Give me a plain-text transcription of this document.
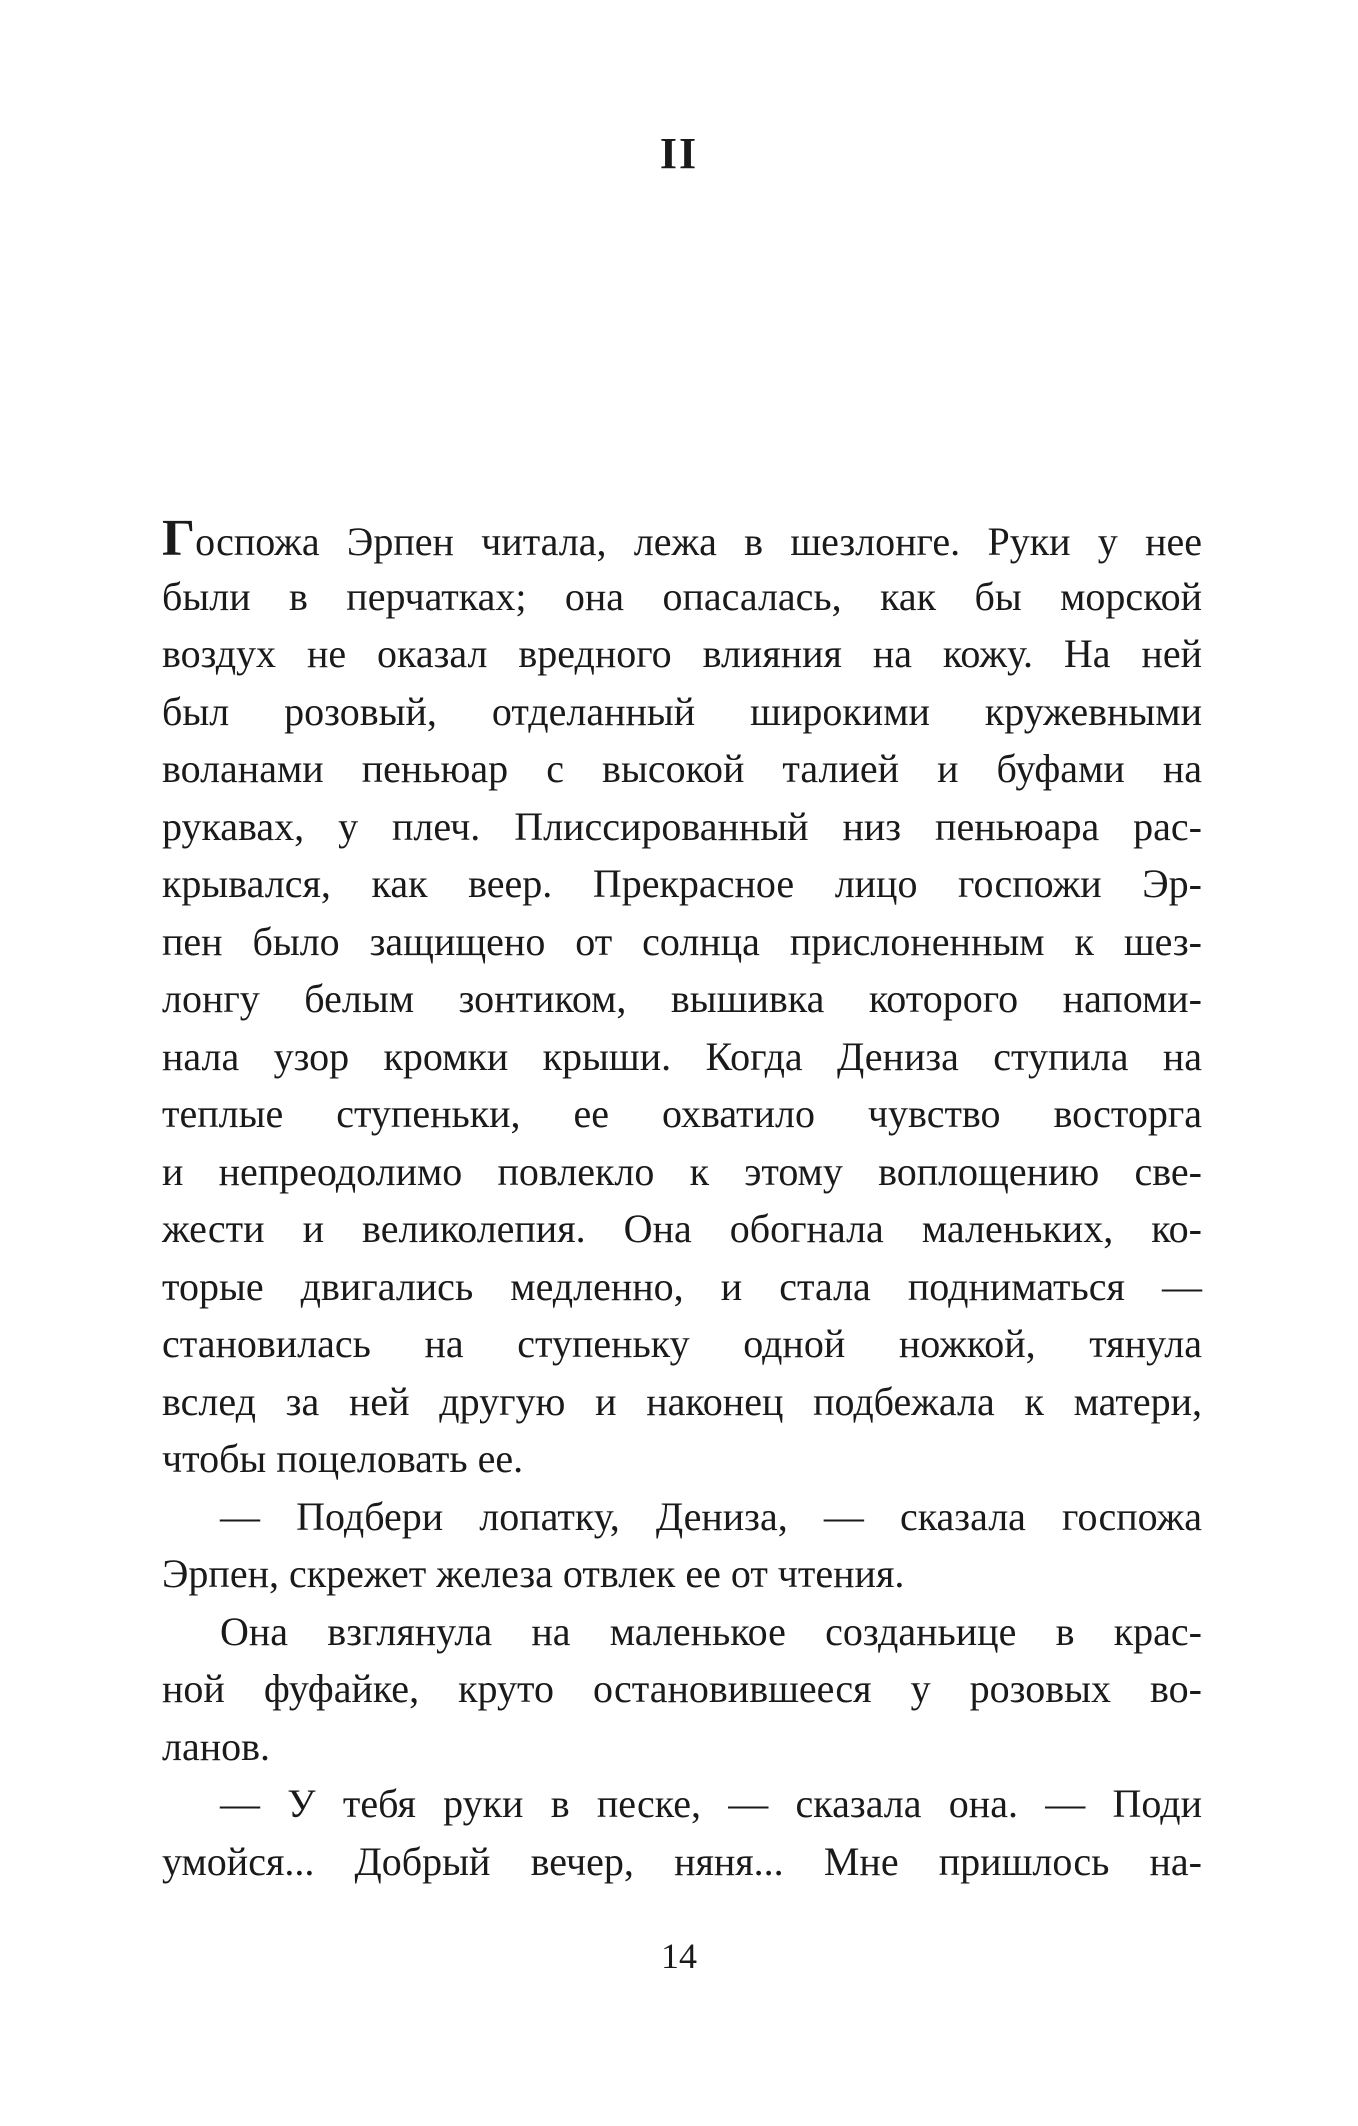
II
Госпожа Эрпен читала, лежа в шезлонге. Руки у нее
были в перчатках; она опасалась, как бы морской
воздух не оказал вредного влияния на кожу. На ней
был розовый, отделанный широкими кружевными
воланами пеньюар с высокой талией и буфами на
рукавах, у плеч. Плиссированный низ пеньюара рас-
крывался, как веер. Прекрасное лицо госпожи Эр-
пен было защищено от солнца прислоненным к шез-
лонгу белым зонтиком, вышивка которого напоми-
нала узор кромки крыши. Когда Дениза ступила на
теплые ступеньки, ее охватило чувство восторга
и непреодолимо повлекло к этому воплощению све-
жести и великолепия. Она обогнала маленьких, ко-
торые двигались медленно, и стала подниматься —
становилась на ступеньку одной ножкой, тянула
вслед за ней другую и наконец подбежала к матери,
чтобы поцеловать ее.
— Подбери лопатку, Дениза, — сказала госпожа
Эрпен, скрежет железа отвлек ее от чтения.
Она взглянула на маленькое созданьице в крас-
ной фуфайке, круто остановившееся у розовых во-
ланов.
— У тебя руки в песке, — сказала она. — Поди
умойся... Добрый вечер, няня... Мне пришлось на-
14
